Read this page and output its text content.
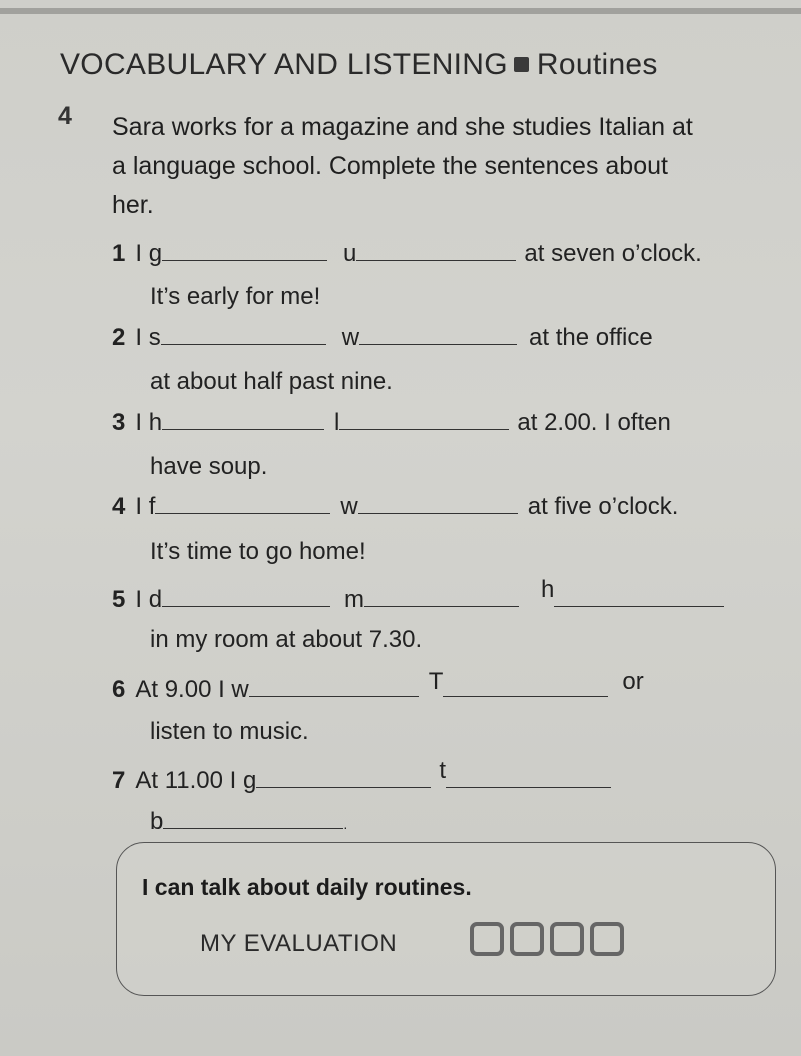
VOCABULARY AND LISTENING Routines
4 Sara works for a magazine and she studies Italian at a language school. Complete the sentences about her.
1 I g	u	at seven o’clock.
It’s early for me!
2 I s	w	at the office
at about half past nine.
3 I h	l	at 2.00. I often
have soup.
4 I f	w	at five o’clock.
It’s time to go home!
5 I d	m	h
in my room at about 7.30.
6 At 9.00 I w	T	or
listen to music.
7 At 11.00 I g	t
b	.
I can talk about daily routines.
MY EVALUATION
